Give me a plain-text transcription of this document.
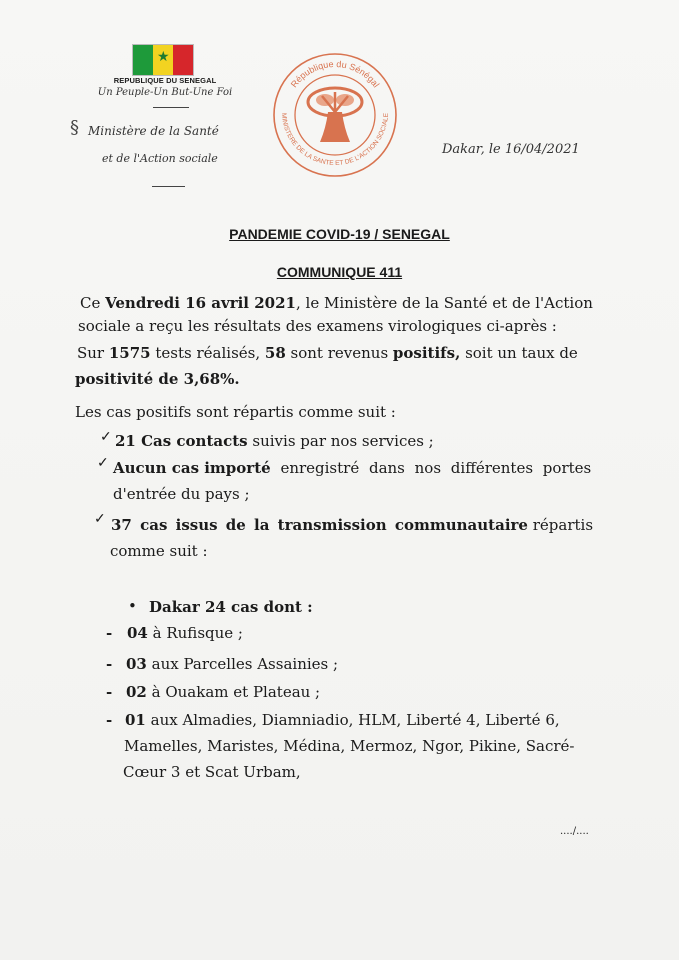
★
REPUBLIQUE DU SENEGAL
Un Peuple-Un But-Une Foi
§ Ministère de la Santé
et de l'Action sociale
République du Sénégal
MINISTERE DE LA SANTE ET DE L'ACTION SOCIALE
Dakar, le 16/04/2021
PANDEMIE COVID-19 / SENEGAL
COMMUNIQUE 411
Ce Vendredi 16 avril 2021, le Ministère de la Santé et de l'Action
sociale a reçu les résultats des examens virologiques ci-après :
Sur 1575 tests réalisés, 58 sont revenus positifs, soit un taux de
positivité de 3,68%.
Les cas positifs sont répartis comme suit :
✓ 21 Cas contacts suivis par nos services ;
✓ Aucun cas importé enregistré dans nos différentes portes
d'entrée du pays ;
✓ 37 cas issus de la transmission communautaire répartis
comme suit :
• Dakar 24 cas dont :
- 04 à Rufisque ;
- 03 aux Parcelles Assainies ;
- 02 à Ouakam et Plateau ;
- 01 aux Almadies, Diamniadio, HLM, Liberté 4, Liberté 6,
Mamelles, Maristes, Médina, Mermoz, Ngor, Pikine, Sacré-
Cœur 3 et Scat Urbam,
..../....
